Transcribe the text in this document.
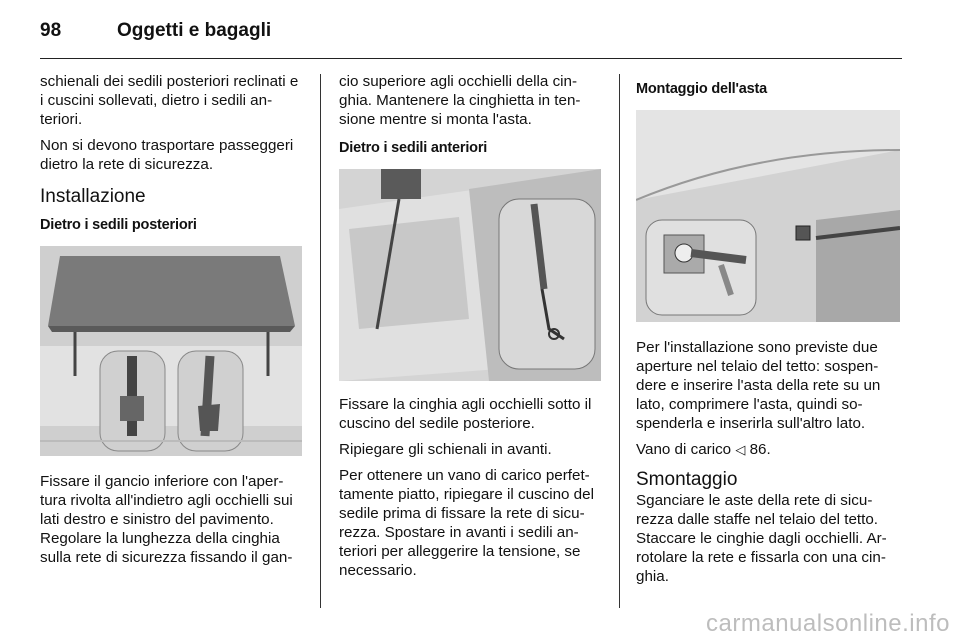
98	Oggetti e bagagli

schienali dei sedili posteriori reclinati e i cuscini sollevati, dietro i sedili an-teriori.

Non si devono trasportare passeggeri dietro la rete di sicurezza.

Installazione
Dietro i sedili posteriori

Fissare il gancio inferiore con l'aper-tura rivolta all'indietro agli occhielli sui lati destro e sinistro del pavimento.

Regolare la lunghezza della cinghia sulla rete di sicurezza fissando il gan-

cio superiore agli occhielli della cin-ghia. Mantenere la cinghietta in ten-sione mentre si monta l'asta.

Dietro i sedili anteriori

Fissare la cinghia agli occhielli sotto il cuscino del sedile posteriore.

Ripiegare gli schienali in avanti.

Per ottenere un vano di carico perfet-tamente piatto, ripiegare il cuscino del sedile prima di fissare la rete di sicu-rezza. Spostare in avanti i sedili an-teriori per alleggerire la tensione, se necessario.

Montaggio dell'asta

Per l'installazione sono previste due aperture nel telaio del tetto: sospen-dere e inserire l'asta della rete su un lato, comprimere l'asta, quindi so-spenderla e inserirla sull'altro lato.

Vano di carico ◁ 86.

Smontaggio

Sganciare le aste della rete di sicu-rezza dalle staffe nel telaio del tetto.

Staccare le cinghie dagli occhielli. Ar-rotolare la rete e fissarla con una cin-ghia.

carmanualsonline.info
